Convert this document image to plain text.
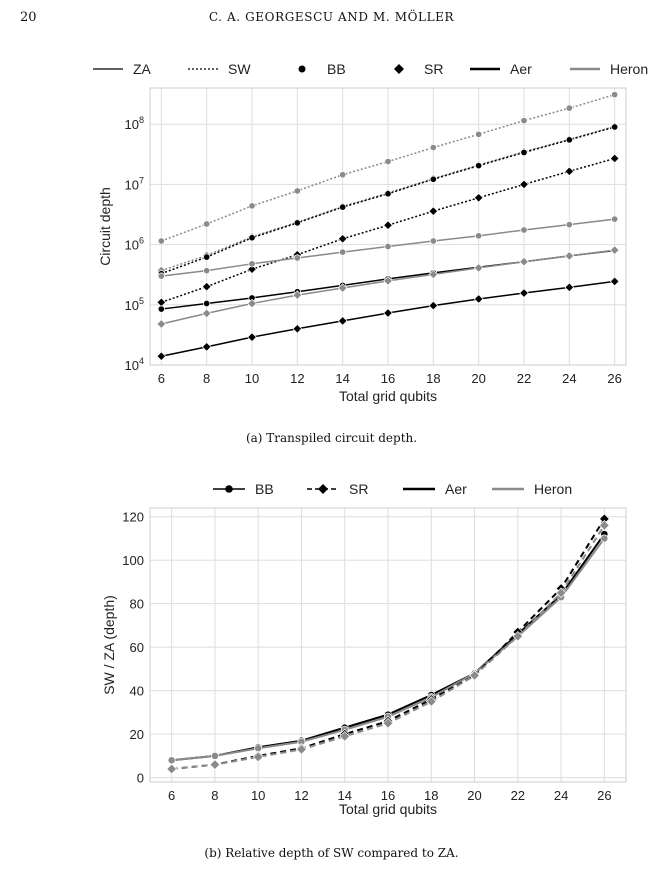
20	C. A. GEORGESCU AND M. MÖLLER
6	8	10 12 14 16 18 20 22 24 26
$10^4$
$10^5$
$10^6$
$10^7$
$10^8$
Total grid qubits
Circuit depth
ZA	SW	BB	SR	Aer	Heron
(a) Transpiled circuit depth.
6	8 10 12 14 16 18 20 22 24 26
0
20
40
60
80
100
120
Total grid qubits
SW / ZA (depth)
BB	SR	Aer	Heron
(b) Relative depth of SW compared to ZA.
